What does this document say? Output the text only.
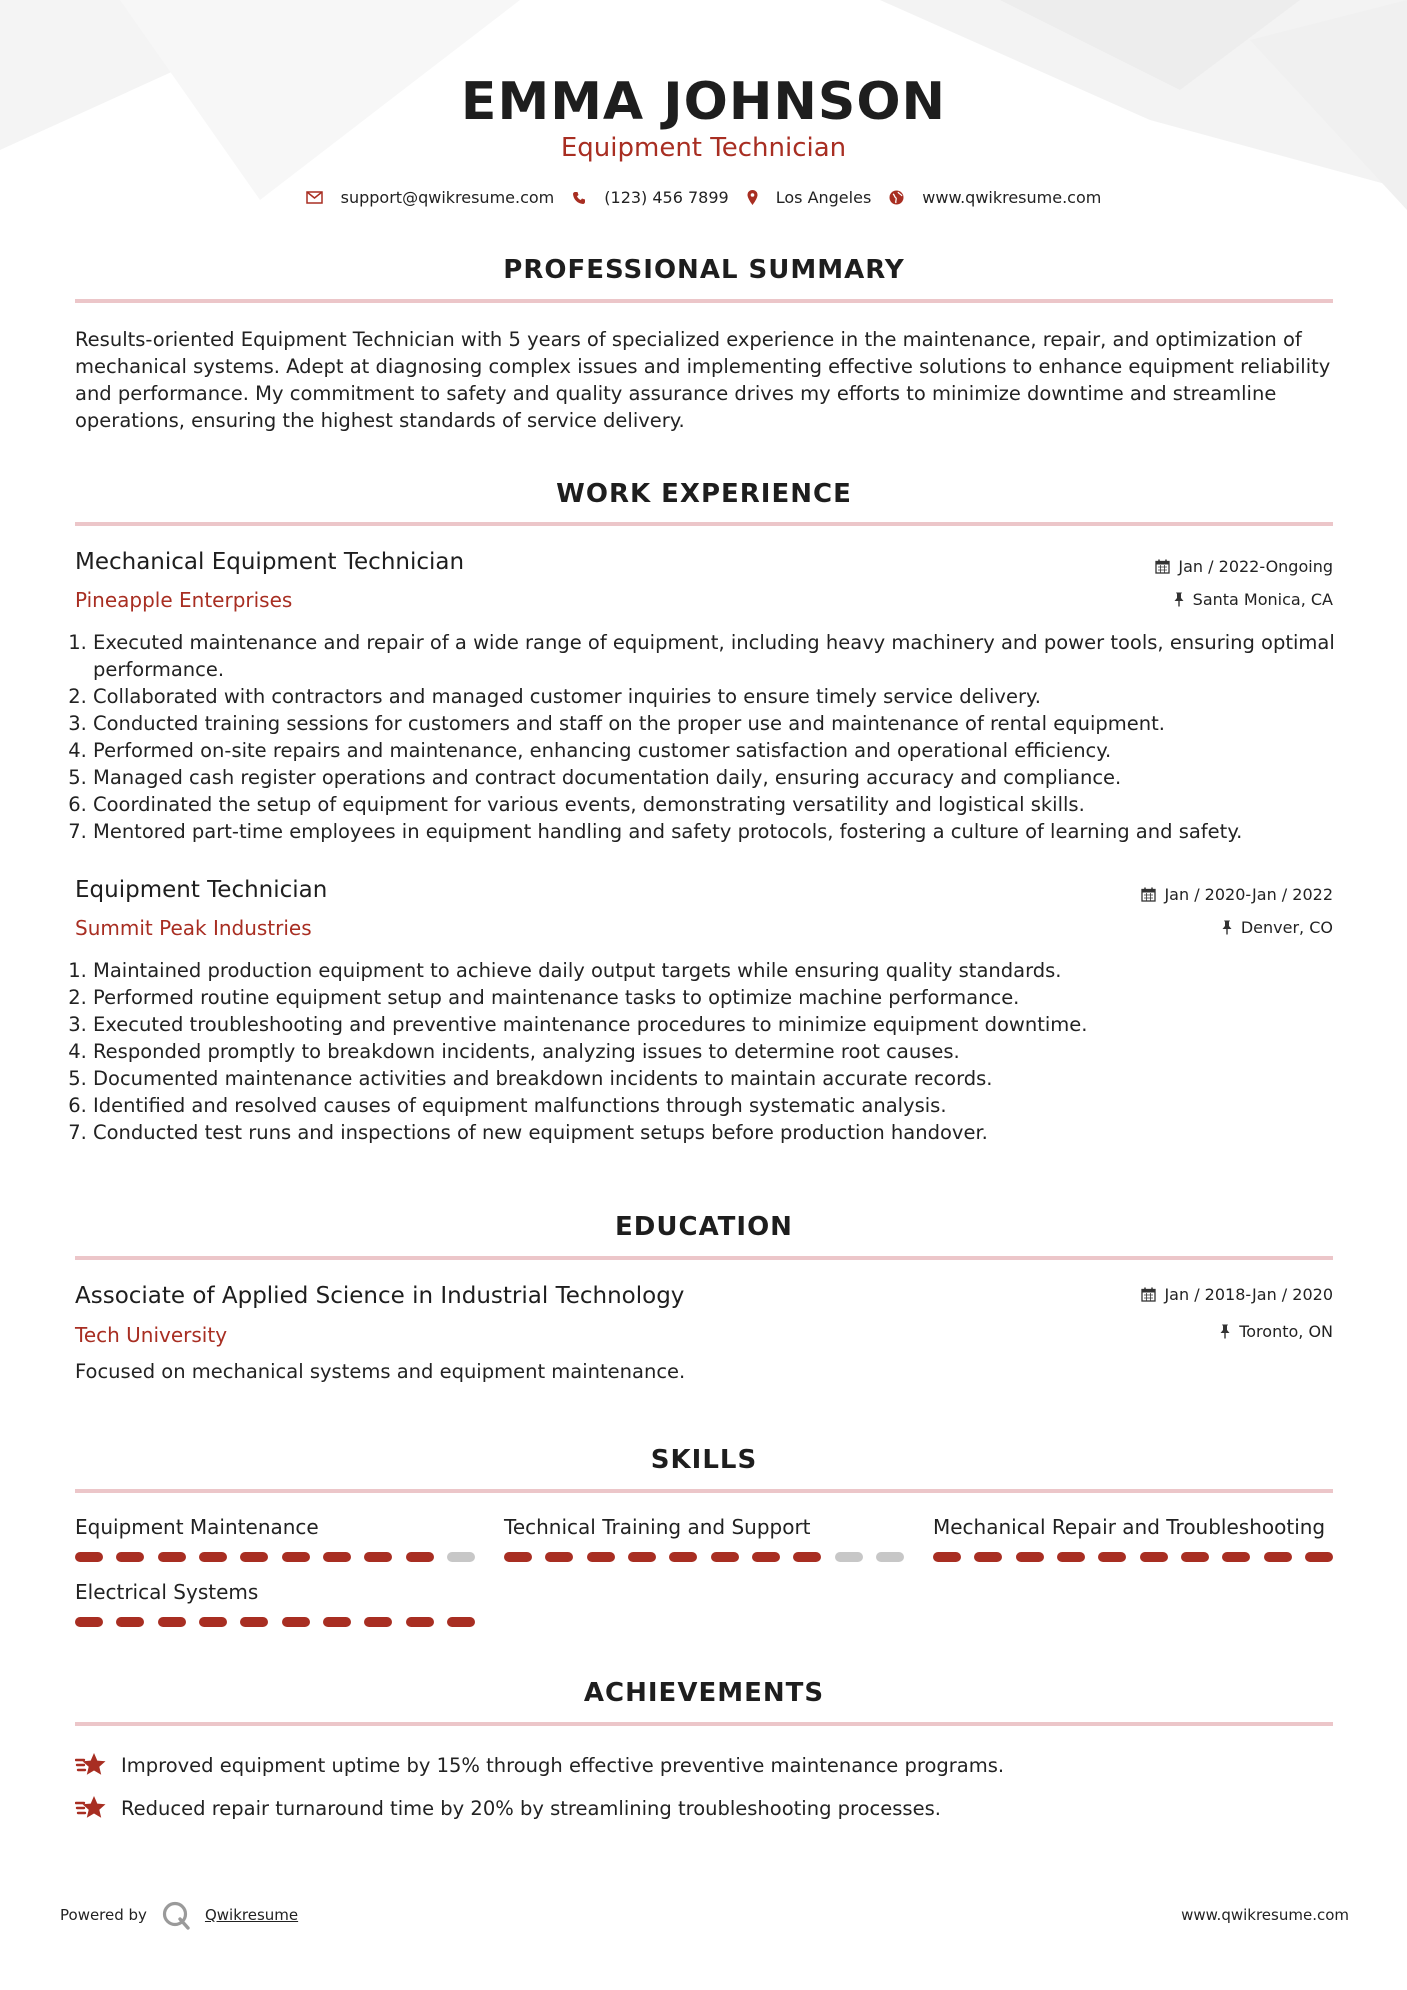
EMMA JOHNSON
Equipment Technician
support@qwikresume.com	(123) 456 7899	Los Angeles	www.qwikresume.com
PROFESSIONAL SUMMARY
Results-oriented Equipment Technician with 5 years of specialized experience in the maintenance, repair, and optimization of mechanical systems. Adept at diagnosing complex issues and implementing effective solutions to enhance equipment reliability and performance. My commitment to safety and quality assurance drives my efforts to minimize downtime and streamline operations, ensuring the highest standards of service delivery.
WORK EXPERIENCE
Mechanical Equipment Technician
Pineapple Enterprises
Jan / 2022-Ongoing
Santa Monica, CA
1. Executed maintenance and repair of a wide range of equipment, including heavy machinery and power tools, ensuring optimal performance.
2. Collaborated with contractors and managed customer inquiries to ensure timely service delivery.
3. Conducted training sessions for customers and staff on the proper use and maintenance of rental equipment.
4. Performed on-site repairs and maintenance, enhancing customer satisfaction and operational efficiency.
5. Managed cash register operations and contract documentation daily, ensuring accuracy and compliance.
6. Coordinated the setup of equipment for various events, demonstrating versatility and logistical skills.
7. Mentored part-time employees in equipment handling and safety protocols, fostering a culture of learning and safety.
Equipment Technician
Summit Peak Industries
Jan / 2020-Jan / 2022
Denver, CO
1. Maintained production equipment to achieve daily output targets while ensuring quality standards.
2. Performed routine equipment setup and maintenance tasks to optimize machine performance.
3. Executed troubleshooting and preventive maintenance procedures to minimize equipment downtime.
4. Responded promptly to breakdown incidents, analyzing issues to determine root causes.
5. Documented maintenance activities and breakdown incidents to maintain accurate records.
6. Identified and resolved causes of equipment malfunctions through systematic analysis.
7. Conducted test runs and inspections of new equipment setups before production handover.
EDUCATION
Associate of Applied Science in Industrial Technology
Tech University
Jan / 2018-Jan / 2020
Toronto, ON
Focused on mechanical systems and equipment maintenance.
SKILLS
Equipment Maintenance	Technical Training and Support	Mechanical Repair and Troubleshooting
Electrical Systems
ACHIEVEMENTS
Improved equipment uptime by 15% through effective preventive maintenance programs.
Reduced repair turnaround time by 20% by streamlining troubleshooting processes.
Powered by	Qwikresume	www.qwikresume.com
